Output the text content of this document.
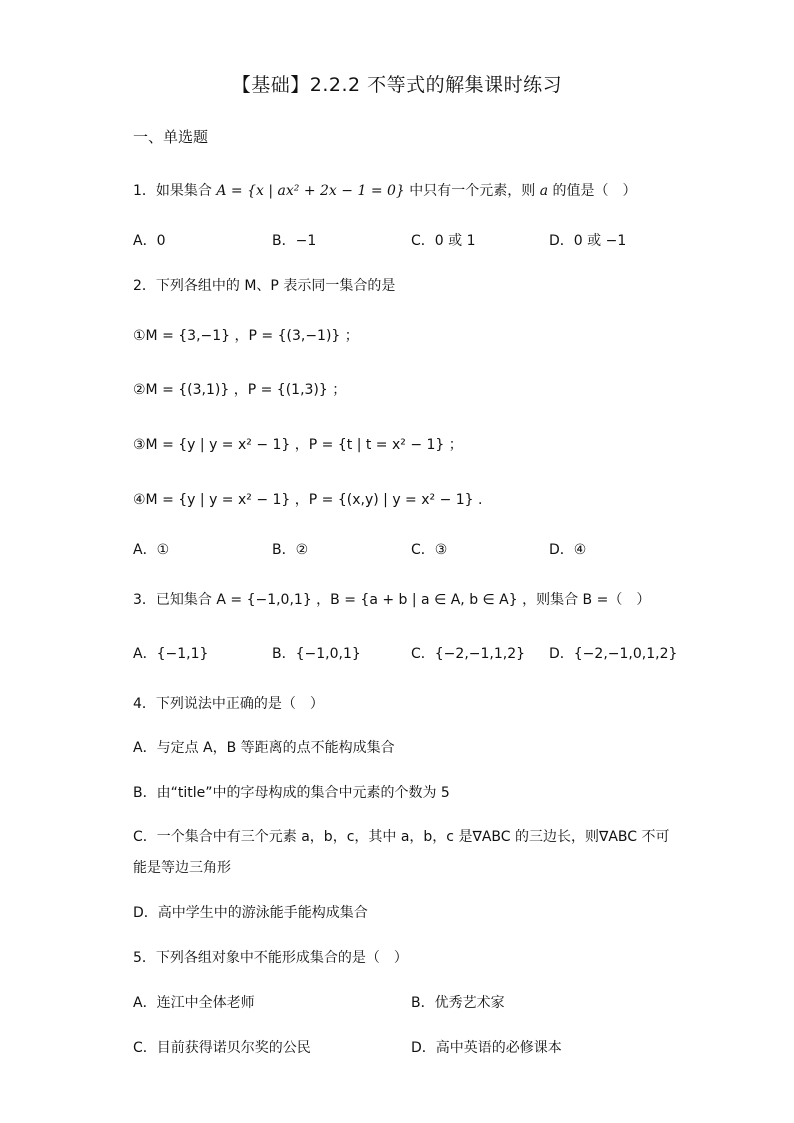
【基础】2.2.2 不等式的解集课时练习
一、单选题
1．如果集合 A = {x | ax² + 2x − 1 = 0} 中只有一个元素，则 a 的值是（　）
A．0	B．−1	C．0 或 1	D．0 或 −1
2．下列各组中的 M、P 表示同一集合的是
①M = {3,−1} ，P = {(3,−1)} ；
②M = {(3,1)} ，P = {(1,3)} ；
③M = {y | y = x² − 1} ，P = {t | t = x² − 1} ；
④M = {y | y = x² − 1} ，P = {(x,y) | y = x² − 1} .
A．①	B．②	C．③	D．④
3．已知集合 A = {−1,0,1} ，B = {a + b | a ∈ A, b ∈ A} ，则集合 B =（　）
A．{−1,1}	B．{−1,0,1}	C．{−2,−1,1,2} D．{−2,−1,0,1,2}
4．下列说法中正确的是（　）
A．与定点 A，B 等距离的点不能构成集合
B．由“title”中的字母构成的集合中元素的个数为 5
C．一个集合中有三个元素 a，b，c，其中 a，b，c 是∇ABC 的三边长，则∇ABC 不可
能是等边三角形
D．高中学生中的游泳能手能构成集合
5．下列各组对象中不能形成集合的是（　）
A．连江中全体老师	B．优秀艺术家
C．目前获得诺贝尔奖的公民	D．高中英语的必修课本
